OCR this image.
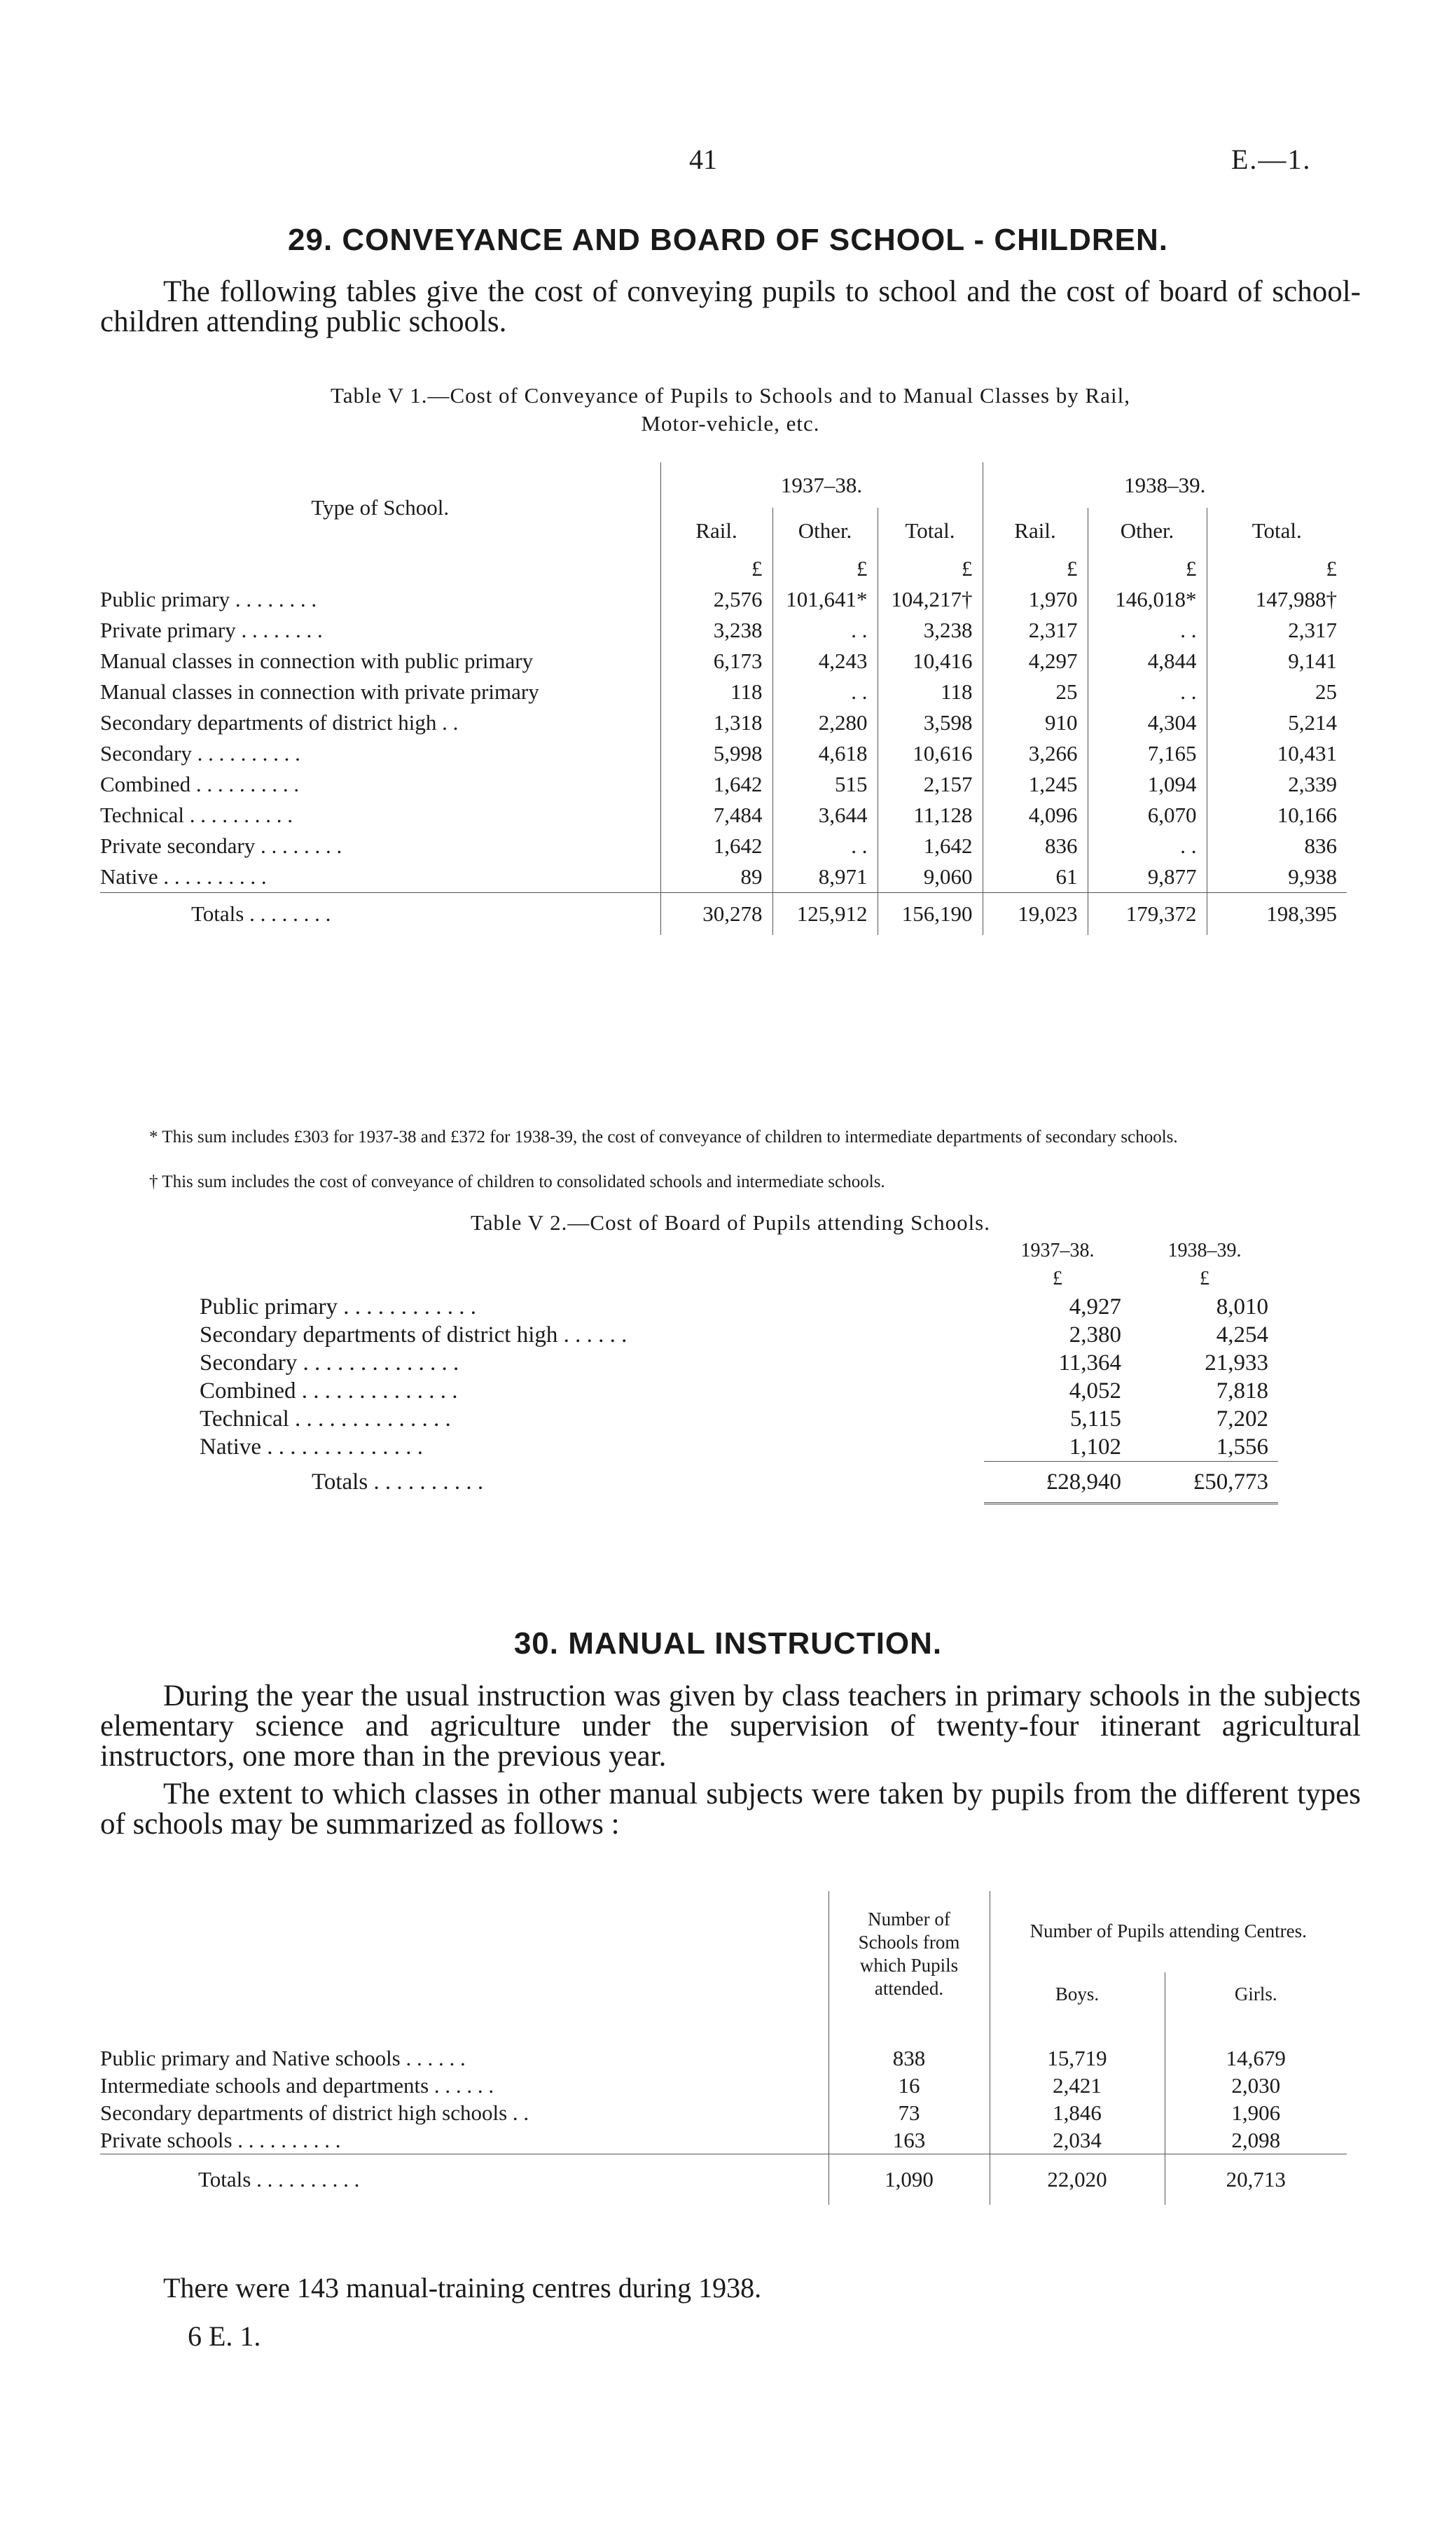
41	E.—1.
29. CONVEYANCE AND BOARD OF SCHOOL - CHILDREN.
The following tables give the cost of conveying pupils to school and the cost of board of school-children attending public schools.
Table V 1.—Cost of Conveyance of Pupils to Schools and to Manual Classes by Rail,
Motor-vehicle, etc.
Type of School.	1937–38.			1938–39.		
	Rail.	Other.	Total.	Rail.	Other.	Total.
	£	£	£	£	£	£
Public primary . . . . . . . .	2,576	101,641*	104,217†	1,970	146,018*	147,988†
Private primary . . . . . . . .	3,238	. .	3,238	2,317	. .	2,317
Manual classes in connection with public primary	6,173	4,243	10,416	4,297	4,844	9,141
Manual classes in connection with private primary	118	. .	118	25	. .	25
Secondary departments of district high . .	1,318	2,280	3,598	910	4,304	5,214
Secondary . . . . . . . . . .	5,998	4,618	10,616	3,266	7,165	10,431
Combined . . . . . . . . . .	1,642	515	2,157	1,245	1,094	2,339
Technical . . . . . . . . . .	7,484	3,644	11,128	4,096	6,070	10,166
Private secondary . . . . . . . .	1,642	. .	1,642	836	. .	836
Native . . . . . . . . . .	89	8,971	9,060	61	9,877	9,938
Totals . . . . . . . .	30,278	125,912	156,190	19,023	179,372	198,395
* This sum includes £303 for 1937-38 and £372 for 1938-39, the cost of conveyance of children to intermediate departments of secondary schools.
† This sum includes the cost of conveyance of children to consolidated schools and intermediate schools.
Table V 2.—Cost of Board of Pupils attending Schools.
	1937–38.	1938–39.
	£	£
Public primary . . . . . . . . . . . .	4,927	8,010
Secondary departments of district high . . . . . .	2,380	4,254
Secondary . . . . . . . . . . . . . .	11,364	21,933
Combined . . . . . . . . . . . . . .	4,052	7,818
Technical . . . . . . . . . . . . . .	5,115	7,202
Native . . . . . . . . . . . . . .	1,102	1,556
Totals . . . . . . . . . .	£28,940	£50,773
30. MANUAL INSTRUCTION.
During the year the usual instruction was given by class teachers in primary schools in the subjects elementary science and agriculture under the supervision of twenty-four itinerant agricultural instructors, one more than in the previous year.
The extent to which classes in other manual subjects were taken by pupils from the different types of schools may be summarized as follows :
	Number of Schools from which Pupils attended.	Number of Pupils attending Centres.	
		Boys.	Girls.

Public primary and Native schools . . . . . .	838	15,719	14,679
Intermediate schools and departments . . . . . .	16	2,421	2,030
Secondary departments of district high schools . .	73	1,846	1,906
Private schools . . . . . . . . . .	163	2,034	2,098
Totals . . . . . . . . . .	1,090	22,020	20,713
There were 143 manual-training centres during 1938.
6 E. 1.
